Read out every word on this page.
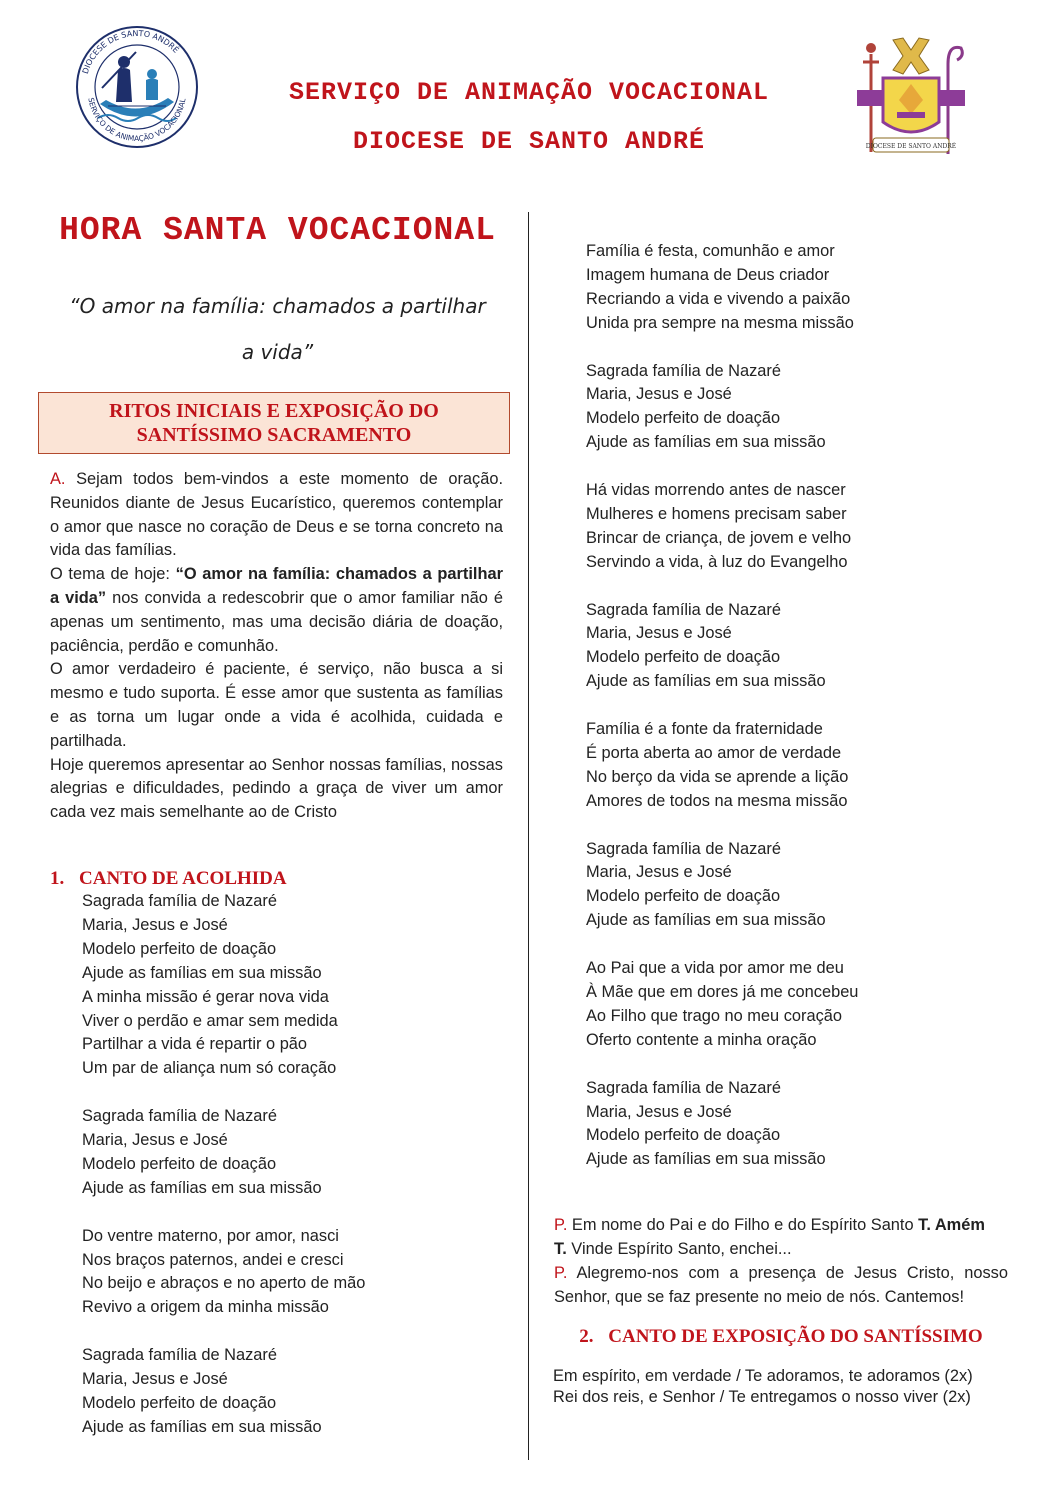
DIOCESE DE SANTO ANDRÉ
SERVIÇO DE ANIMAÇÃO VOCACIONAL
DIOCESE DE SANTO ANDRÉ
SERVIÇO DE ANIMAÇÃO VOCACIONAL
DIOCESE DE SANTO ANDRÉ
HORA SANTA VOCACIONAL
“O amor na família: chamados a partilhar
a vida”
RITOS INICIAIS E EXPOSIÇÃO DO
SANTÍSSIMO SACRAMENTO

A. Sejam todos bem-vindos a este momento de oração. Reunidos diante de Jesus Eucarístico, queremos contemplar o amor que nasce no coração de Deus e se torna concreto na vida das famílias.

O tema de hoje: “O amor na família: chamados a partilhar a vida” nos convida a redescobrir que o amor familiar não é apenas um sentimento, mas uma decisão diária de doação, paciência, perdão e comunhão.

O amor verdadeiro é paciente, é serviço, não busca a si mesmo e tudo suporta. É esse amor que sustenta as famílias e as torna um lugar onde a vida é acolhida, cuidada e partilhada.

Hoje queremos apresentar ao Senhor nossas famílias, nossas alegrias e dificuldades, pedindo a graça de viver um amor cada vez mais semelhante ao de Cristo

1. CANTO DE ACOLHIDA
Sagrada família de Nazaré
Maria, Jesus e José
Modelo perfeito de doação
Ajude as famílias em sua missão
A minha missão é gerar nova vida
Viver o perdão e amar sem medida
Partilhar a vida é repartir o pão
Um par de aliança num só coração
Sagrada família de Nazaré
Maria, Jesus e José
Modelo perfeito de doação
Ajude as famílias em sua missão
Do ventre materno, por amor, nasci
Nos braços paternos, andei e cresci
No beijo e abraços e no aperto de mão
Revivo a origem da minha missão
Sagrada família de Nazaré
Maria, Jesus e José
Modelo perfeito de doação
Ajude as famílias em sua missão
Família é festa, comunhão e amor
Imagem humana de Deus criador
Recriando a vida e vivendo a paixão
Unida pra sempre na mesma missão
Sagrada família de Nazaré
Maria, Jesus e José
Modelo perfeito de doação
Ajude as famílias em sua missão
Há vidas morrendo antes de nascer
Mulheres e homens precisam saber
Brincar de criança, de jovem e velho
Servindo a vida, à luz do Evangelho
Sagrada família de Nazaré
Maria, Jesus e José
Modelo perfeito de doação
Ajude as famílias em sua missão
Família é a fonte da fraternidade
É porta aberta ao amor de verdade
No berço da vida se aprende a lição
Amores de todos na mesma missão
Sagrada família de Nazaré
Maria, Jesus e José
Modelo perfeito de doação
Ajude as famílias em sua missão
Ao Pai que a vida por amor me deu
À Mãe que em dores já me concebeu
Ao Filho que trago no meu coração
Oferto contente a minha oração
Sagrada família de Nazaré
Maria, Jesus e José
Modelo perfeito de doação
Ajude as famílias em sua missão

P. Em nome do Pai e do Filho e do Espírito Santo T. Amém

T. Vinde Espírito Santo, enchei...

P. Alegremo-nos com a presença de Jesus Cristo, nosso Senhor, que se faz presente no meio de nós. Cantemos!

2. CANTO DE EXPOSIÇÃO DO SANTÍSSIMO
Em espírito, em verdade / Te adoramos, te adoramos (2x) Rei dos reis, e Senhor / Te entregamos o nosso viver (2x)
